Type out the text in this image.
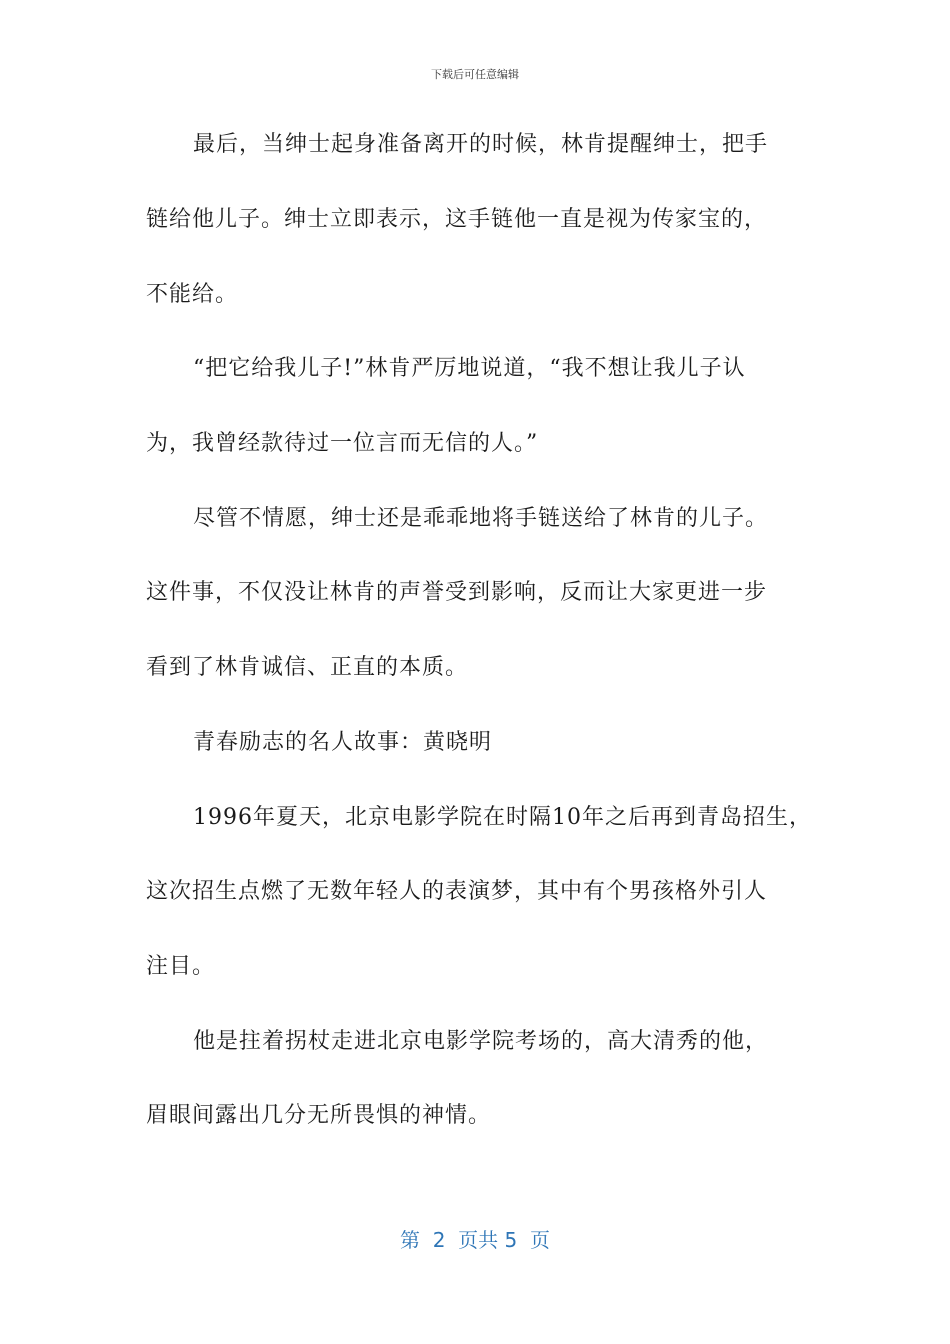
下载后可任意编辑
最后，当绅士起身准备离开的时候，林肯提醒绅士，把手
链给他儿子。绅士立即表示，这手链他一直是视为传家宝的，
不能给。
“把它给我儿子!”林肯严厉地说道，“我不想让我儿子认
为，我曾经款待过一位言而无信的人。”
尽管不情愿，绅士还是乖乖地将手链送给了林肯的儿子。
这件事，不仅没让林肯的声誉受到影响，反而让大家更进一步
看到了林肯诚信、正直的本质。
青春励志的名人故事：黄晓明
1996年夏天，北京电影学院在时隔10年之后再到青岛招生，
这次招生点燃了无数年轻人的表演梦，其中有个男孩格外引人
注目。
他是拄着拐杖走进北京电影学院考场的，高大清秀的他，
眉眼间露出几分无所畏惧的神情。
第  2  页共 5  页
